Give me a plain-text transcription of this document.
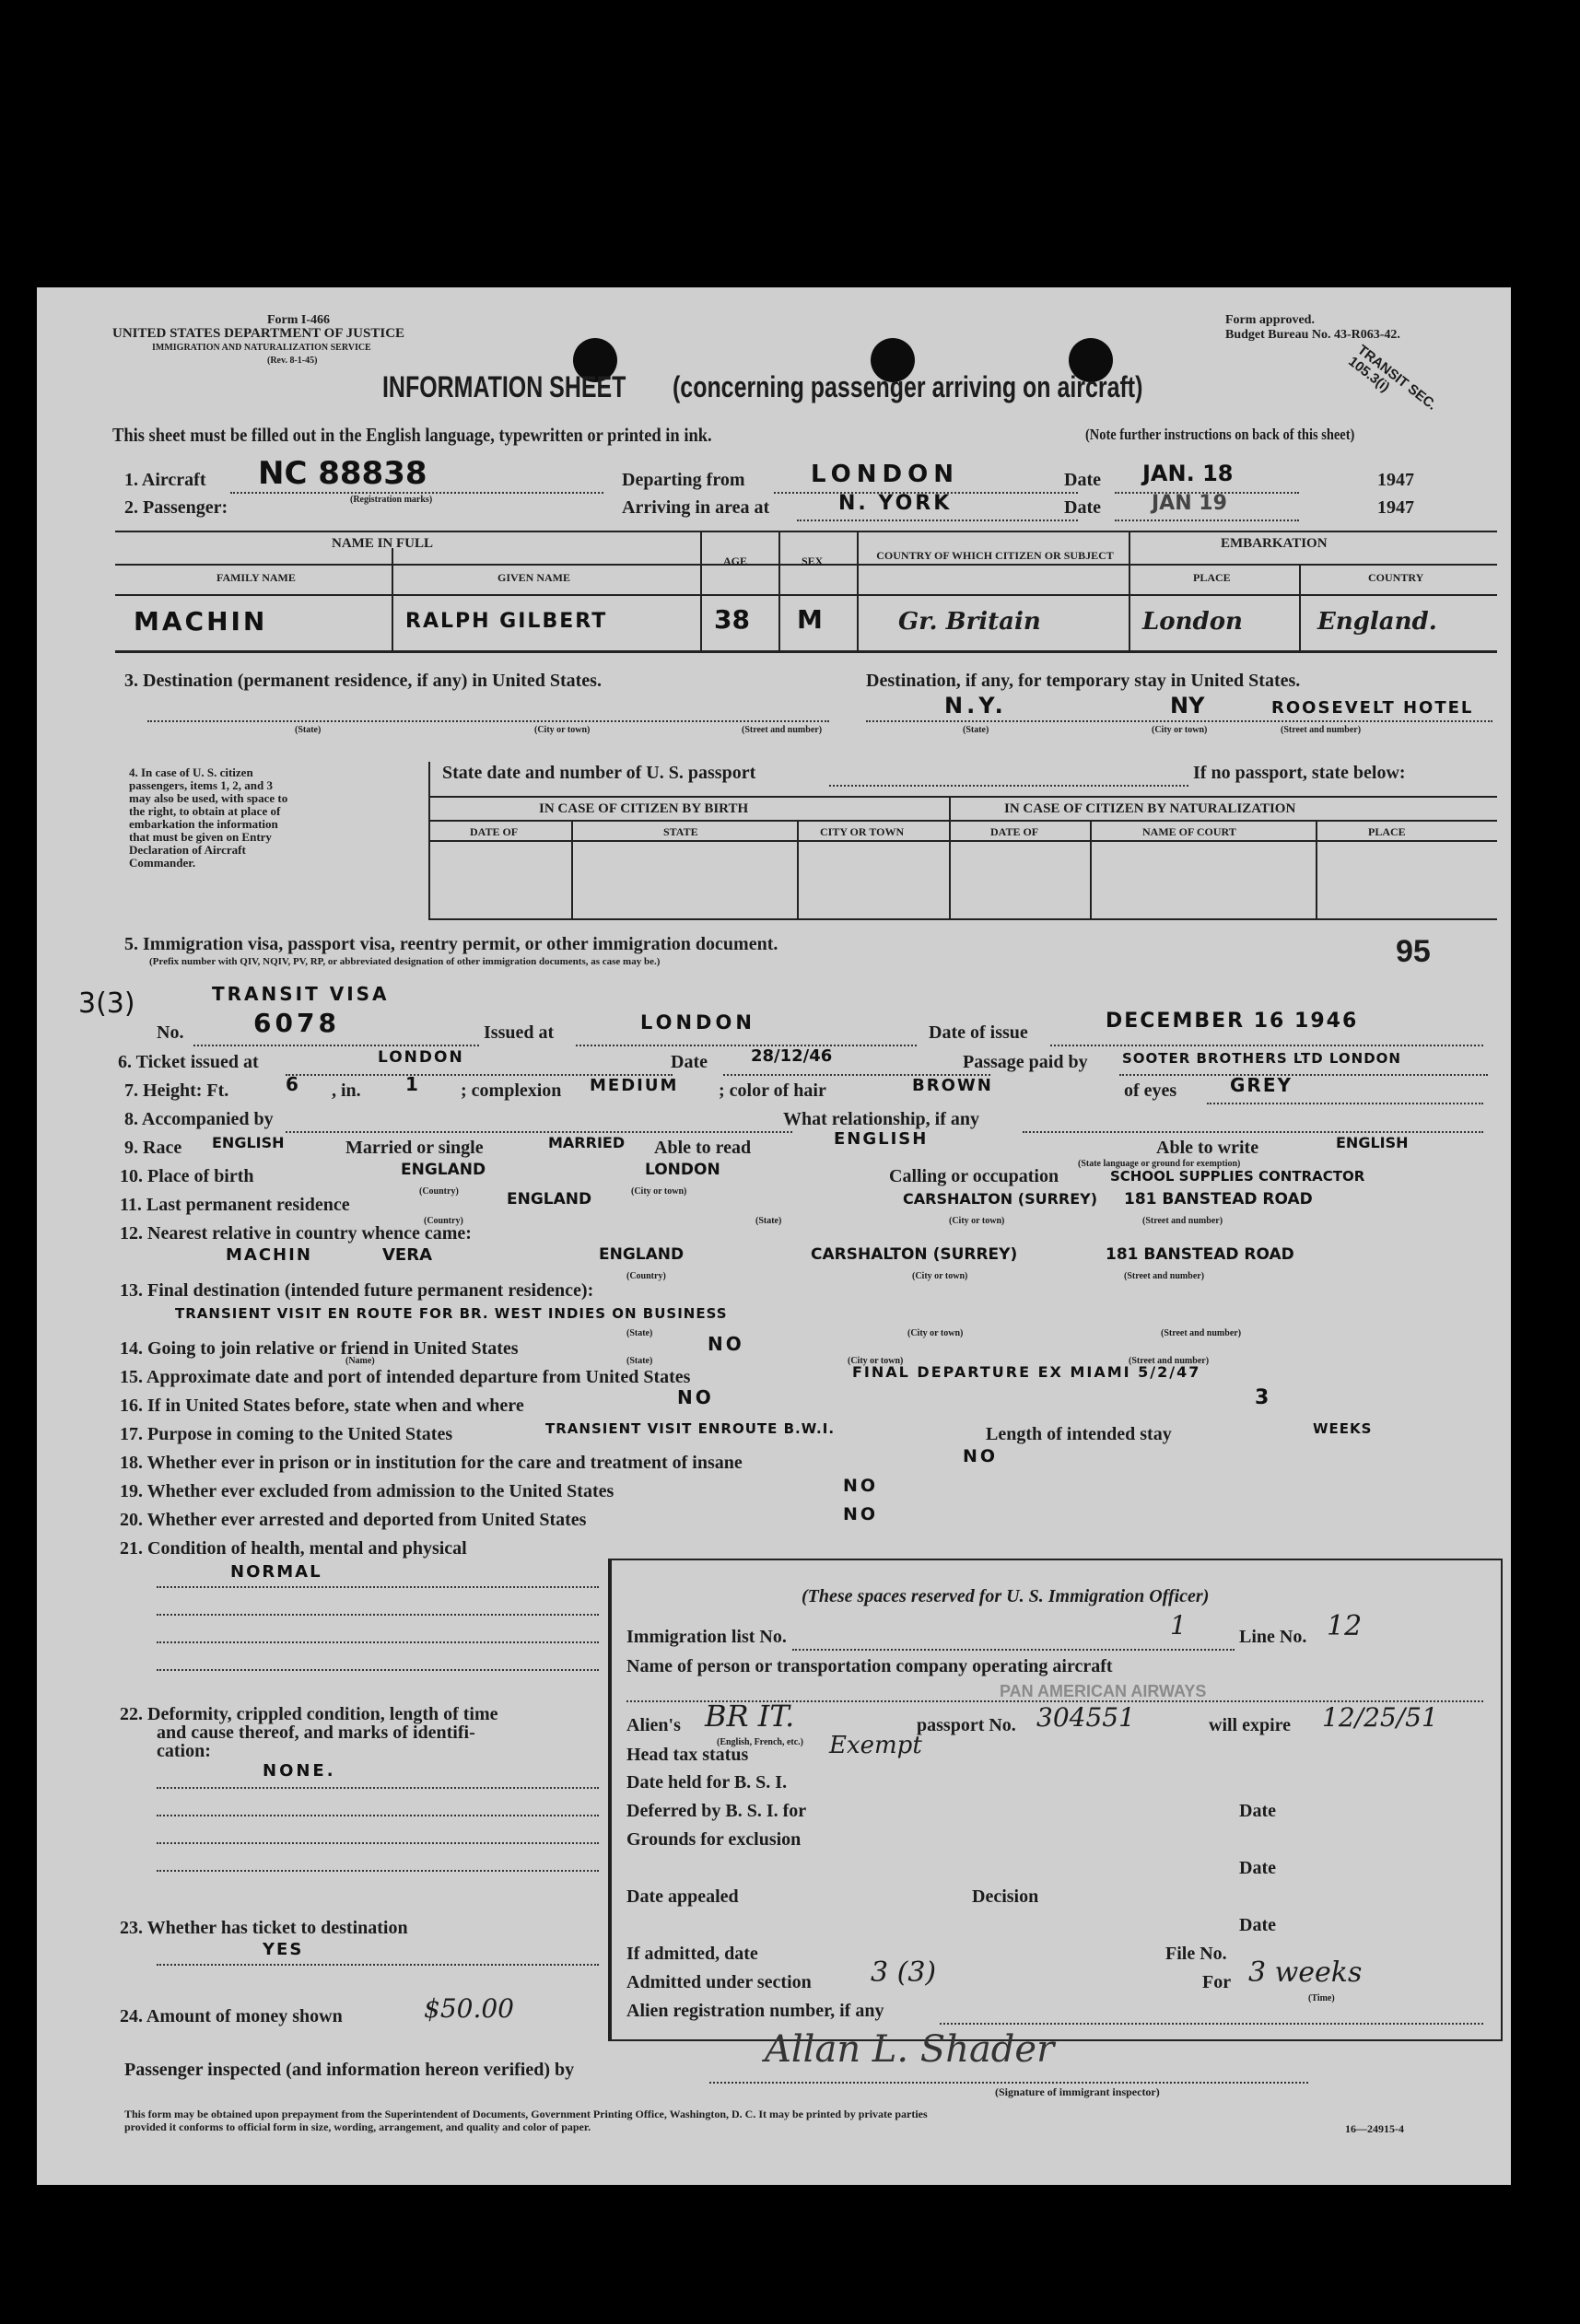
Form I-466
UNITED STATES DEPARTMENT OF JUSTICE
IMMIGRATION AND NATURALIZATION SERVICE
(Rev. 8-1-45)
Form approved.
Budget Bureau No. 43-R063-42.
TRANSIT SEC. 105.3(i)
INFORMATION SHEET (concerning passenger arriving on aircraft)
This sheet must be filled out in the English language, typewritten or printed in ink.	(Note further instructions on back of this sheet)
1. Aircraft NC 88838
(Registration marks)
Departing from	LONDON	Date JAN. 18	1947
2. Passenger:	Arriving in area at	N. YORK	Date	JAN 19	1947
NAME IN FULL	EMBARKATION
FAMILY NAME	GIVEN NAME
AGE	SEX	COUNTRY OF WHICH CITIZEN OR SUBJECT
PLACE	COUNTRY
MACHIN	RALPH GILBERT	38 M	Gr. Britain	London	England.
3. Destination (permanent residence, if any) in United States.	Destination, if any, for temporary stay in United States.
(State)	(City or town)	(Street and number)
N.Y.	NY	ROOSEVELT HOTEL
(State)	(City or town)	(Street and number)
4. In case of U. S. citizen passengers, items 1, 2, and 3 may also be used, with space to the right, to obtain at place of embarkation the information that must be given on Entry Declaration of Aircraft Commander.
State date and number of U. S. passport	If no passport, state below:
IN CASE OF CITIZEN BY BIRTH	IN CASE OF CITIZEN BY NATURALIZATION
DATE OF	STATE	CITY OR TOWN	DATE OF	NAME OF COURT	PLACE
5. Immigration visa, passport visa, reentry permit, or other immigration document.
(Prefix number with QIV, NQIV, PV, RP, or abbreviated designation of other immigration documents, as case may be.)	95
3(3)	TRANSIT VISA
No.	6078	Issued at	LONDON	Date of issue	DECEMBER 16 1946
6. Ticket issued at	LONDON	Date	28/12/46	Passage paid by SOOTER BROTHERS LTD LONDON
7. Height: Ft.	6 , in. 1 ; complexion MEDIUM ; color of hair	BROWN	of eyes	GREY
8. Accompanied by	What relationship, if any
9. Race ENGLISH	Married or single	MARRIED Able to read	ENGLISH	Able to write	ENGLISH
10. Place of birth	ENGLAND	LONDON
(Country)	(City or town)
Calling or occupation
(State language or ground for exemption)
SCHOOL SUPPLIES CONTRACTOR
11. Last permanent residence	ENGLAND	CARSHALTON (SURREY) 181 BANSTEAD ROAD
(Country)	(State)	(City or town)	(Street and number)
12. Nearest relative in country whence came:
MACHIN	VERA	ENGLAND	CARSHALTON (SURREY)	181 BANSTEAD ROAD
(Country)	(City or town)	(Street and number)
13. Final destination (intended future permanent residence):
TRANSIENT VISIT EN ROUTE FOR BR. WEST INDIES ON BUSINESS
(State)	(City or town)	(Street and number)
14. Going to join relative or friend in United States	NO
(Name)	(State)	(City or town)	(Street and number)
15. Approximate date and port of intended departure from United States	FINAL DEPARTURE EX MIAMI 5/2/47
16. If in United States before, state when and where	NO	3
17. Purpose in coming to the United States	TRANSIENT VISIT ENROUTE B.W.I.	Length of intended stay	WEEKS
18. Whether ever in prison or in institution for the care and treatment of insane	NO
19. Whether ever excluded from admission to the United States	NO
20. Whether ever arrested and deported from United States	NO
21. Condition of health, mental and physical
NORMAL
22. Deformity, crippled condition, length of time
and cause thereof, and marks of identifi-
cation:
NONE.
23. Whether has ticket to destination
YES
24. Amount of money shown	$50.00
(These spaces reserved for U. S. Immigration Officer)
Immigration list No.	1	Line No. 12
Name of person or transportation company operating aircraft
PAN AMERICAN AIRWAYS
Alien's BR IT.
(English, French, etc.)
passport No. 304551	will expire 12/25/51
Head tax status	Exempt
Date held for B. S. I.
Deferred by B. S. I. for	Date
Grounds for exclusion
Date
Date appealed	Decision
Date
If admitted, date	File No.
Admitted under section 3 (3)	For 3 weeks
(Time)
Alien registration number, if any
Passenger inspected (and information hereon verified) by	Allan L. Shader
(Signature of immigrant inspector)
This form may be obtained upon prepayment from the Superintendent of Documents, Government Printing Office, Washington, D. C. It may be printed by private parties
provided it conforms to official form in size, wording, arrangement, and quality and color of paper.	16—24915-4
